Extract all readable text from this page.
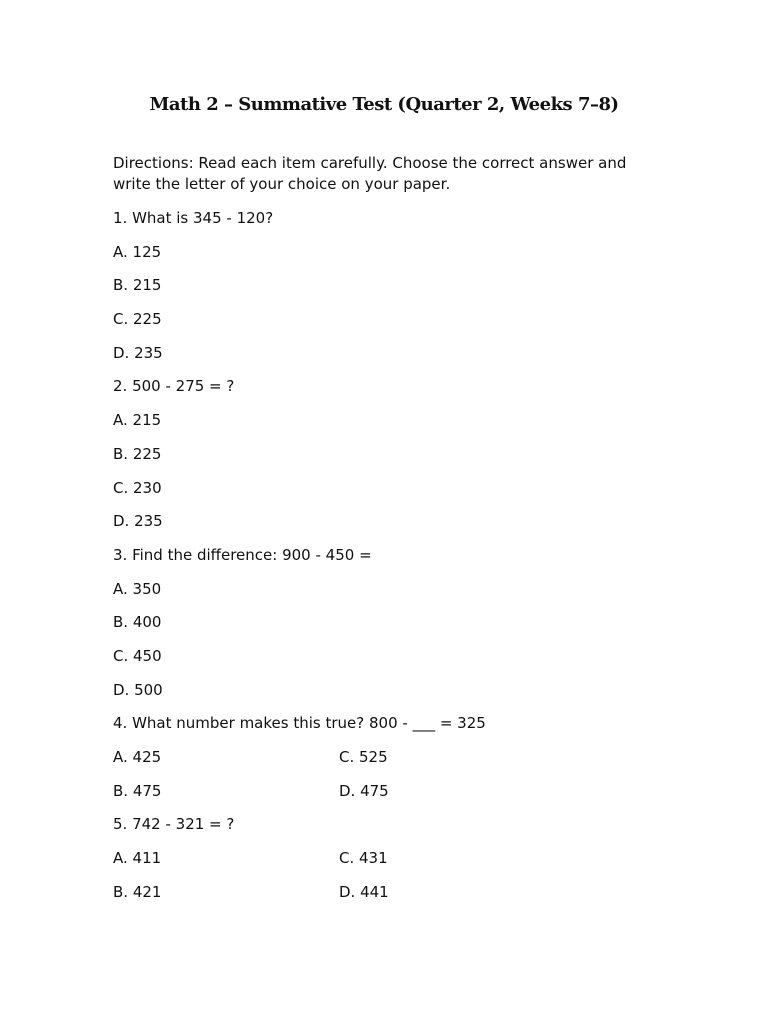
Math 2 – Summative Test (Quarter 2, Weeks 7–8)
Directions: Read each item carefully. Choose the correct answer and write the letter of your choice on your paper.
1. What is 345 - 120?
A. 125
B. 215
C. 225
D. 235
2. 500 - 275 = ?
A. 215
B. 225
C. 230
D. 235
3. Find the difference: 900 - 450 =
A. 350
B. 400
C. 450
D. 500
4. What number makes this true? 800 - ___ = 325
A. 425	C. 525
B. 475	D. 475
5. 742 - 321 = ?
A. 411	C. 431
B. 421	D. 441
